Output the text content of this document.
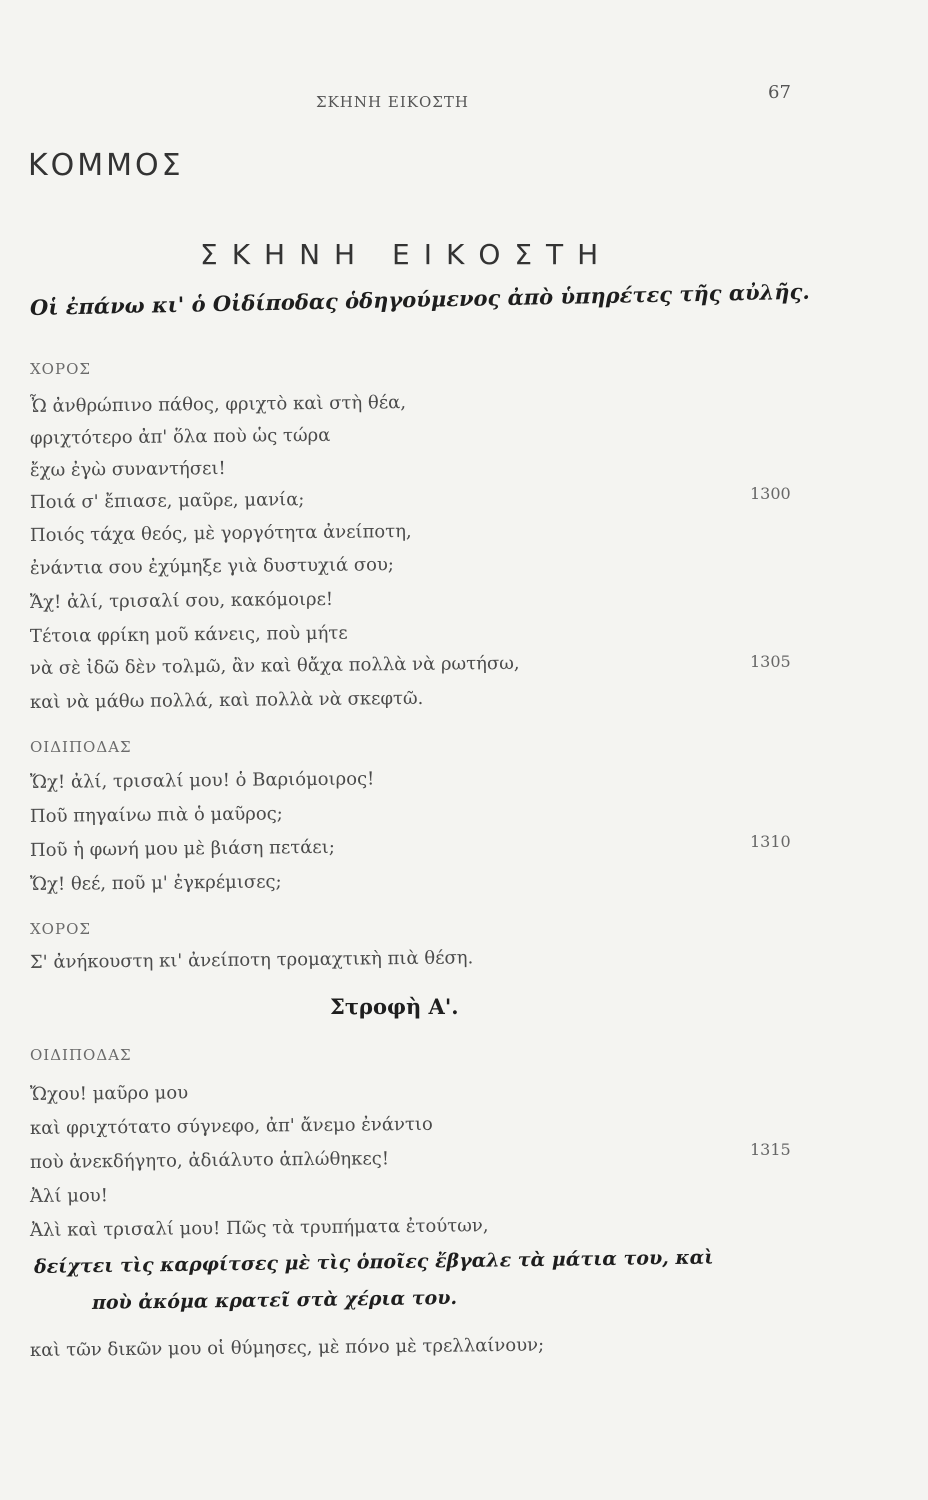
ΣΚΗΝΗ ΕΙΚΟΣΤΗ	67
ΚΟΜΜΟΣ
ΣΚΗΝΗ ΕΙΚΟΣΤΗ
Οἱ ἐπάνω κι' ὁ Οἰδίποδας ὁδηγούμενος ἀπὸ ὑπηρέτες τῆς αὐλῆς.
ΧΟΡΟΣ
Ὦ ἀνθρώπινο πάθος, φριχτὸ καὶ στὴ θέα,
φριχτότερο ἀπ' ὅλα ποὺ ὡς τώρα
ἔχω ἐγὼ συναντήσει!
Ποιά σ' ἔπιασε, μαῦρε, μανία;
Ποιός τάχα θεός, μὲ γοργότητα ἀνείποτη,
ἐνάντια σου ἐχύμηξε γιὰ δυστυχιά σου;
Ἄχ! ἀλί, τρισαλί σου, κακόμοιρε!
Τέτοια φρίκη μοῦ κάνεις, ποὺ μήτε
νὰ σὲ ἰδῶ δὲν τολμῶ, ἂν καὶ θἄχα πολλὰ νὰ ρωτήσω,
καὶ νὰ μάθω πολλά, καὶ πολλὰ νὰ σκεφτῶ.
1300
1305
ΟΙΔΙΠΟΔΑΣ
Ὤχ! ἀλί, τρισαλί μου! ὁ Βαριόμοιρος!
Ποῦ πηγαίνω πιὰ ὁ μαῦρος;
Ποῦ ἡ φωνή μου μὲ βιάση πετάει;
Ὤχ! θεέ, ποῦ μ' ἐγκρέμισες;
1310
ΧΟΡΟΣ
Σ' ἀνήκουστη κι' ἀνείποτη τρομαχτικὴ πιὰ θέση.
Στροφὴ Α'.
ΟΙΔΙΠΟΔΑΣ
Ὤχου! μαῦρο μου
καὶ φριχτότατο σύγνεφο, ἀπ' ἄνεμο ἐνάντιο
ποὺ ἀνεκδήγητο, ἀδιάλυτο ἁπλώθηκες!
Ἀλί μου!
Ἀλὶ καὶ τρισαλί μου! Πῶς τὰ τρυπήματα ἐτούτων,
1315
δείχτει τὶς καρφίτσες μὲ τὶς ὁποῖες ἔβγαλε τὰ μάτια του, καὶ
ποὺ ἀκόμα κρατεῖ στὰ χέρια του.
καὶ τῶν δικῶν μου οἱ θύμησες, μὲ πόνο μὲ τρελλαίνουν;
